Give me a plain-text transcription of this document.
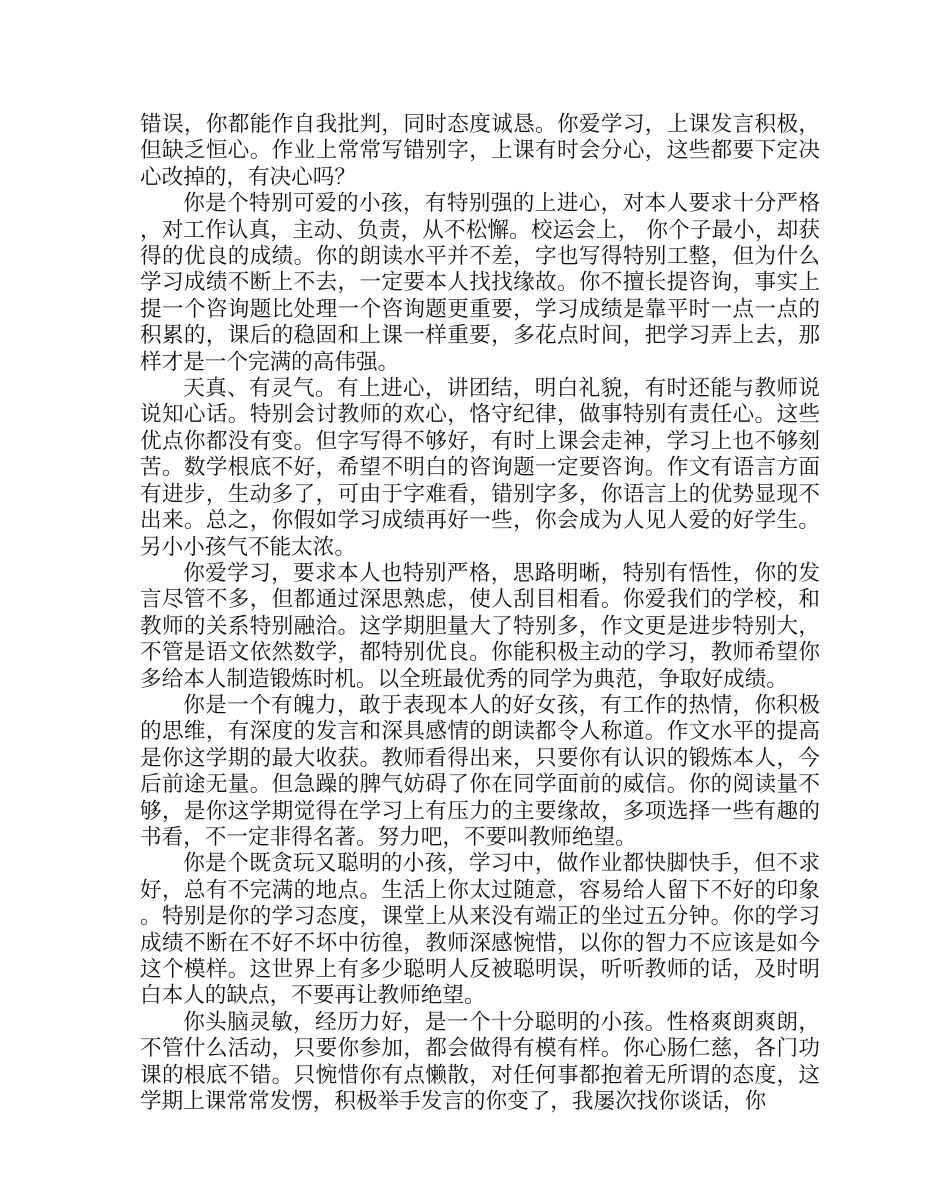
错误，你都能作自我批判，同时态度诚恳。你爱学习，上课发言积极，但缺乏恒心。作业上常常写错别字，上课有时会分心，这些都要下定决心改掉的，有决心吗？

你是个特别可爱的小孩，有特别强的上进心，对本人要求十分严格，对工作认真，主动、负责，从不松懈。校运会上， 你个子最小，却获得的优良的成绩。你的朗读水平并不差，字也写得特别工整，但为什么学习成绩不断上不去，一定要本人找找缘故。你不擅长提咨询，事实上提一个咨询题比处理一个咨询题更重要，学习成绩是靠平时一点一点的积累的，课后的稳固和上课一样重要，多花点时间，把学习弄上去，那样才是一个完满的高伟强。

天真、有灵气。有上进心，讲团结，明白礼貌，有时还能与教师说说知心话。特别会讨教师的欢心，恪守纪律，做事特别有责任心。这些优点你都没有变。但字写得不够好，有时上课会走神，学习上也不够刻苦。数学根底不好，希望不明白的咨询题一定要咨询。作文有语言方面有进步，生动多了，可由于字难看，错别字多，你语言上的优势显现不出来。总之，你假如学习成绩再好一些，你会成为人见人爱的好学生。另小小孩气不能太浓。

你爱学习，要求本人也特别严格，思路明晰，特别有悟性，你的发言尽管不多，但都通过深思熟虑，使人刮目相看。你爱我们的学校，和教师的关系特别融洽。这学期胆量大了特别多，作文更是进步特别大，不管是语文依然数学，都特别优良。你能积极主动的学习，教师希望你多给本人制造锻炼时机。以全班最优秀的同学为典范，争取好成绩。

你是一个有魄力，敢于表现本人的好女孩，有工作的热情，你积极的思维，有深度的发言和深具感情的朗读都令人称道。作文水平的提高是你这学期的最大收获。教师看得出来，只要你有认识的锻炼本人，今后前途无量。但急躁的脾气妨碍了你在同学面前的威信。你的阅读量不够，是你这学期觉得在学习上有压力的主要缘故，多项选择一些有趣的书看，不一定非得名著。努力吧，不要叫教师绝望。

你是个既贪玩又聪明的小孩，学习中，做作业都快脚快手，但不求好，总有不完满的地点。生活上你太过随意，容易给人留下不好的印象。特别是你的学习态度，课堂上从来没有端正的坐过五分钟。你的学习成绩不断在不好不坏中彷徨，教师深感惋惜，以你的智力不应该是如今这个模样。这世界上有多少聪明人反被聪明误，听听教师的话，及时明白本人的缺点，不要再让教师绝望。

你头脑灵敏，经历力好，是一个十分聪明的小孩。性格爽朗爽朗，不管什么活动，只要你参加，都会做得有模有样。你心肠仁慈，各门功课的根底不错。只惋惜你有点懒散，对任何事都抱着无所谓的态度，这学期上课常常发愣，积极举手发言的你变了，我屡次找你谈话，你
